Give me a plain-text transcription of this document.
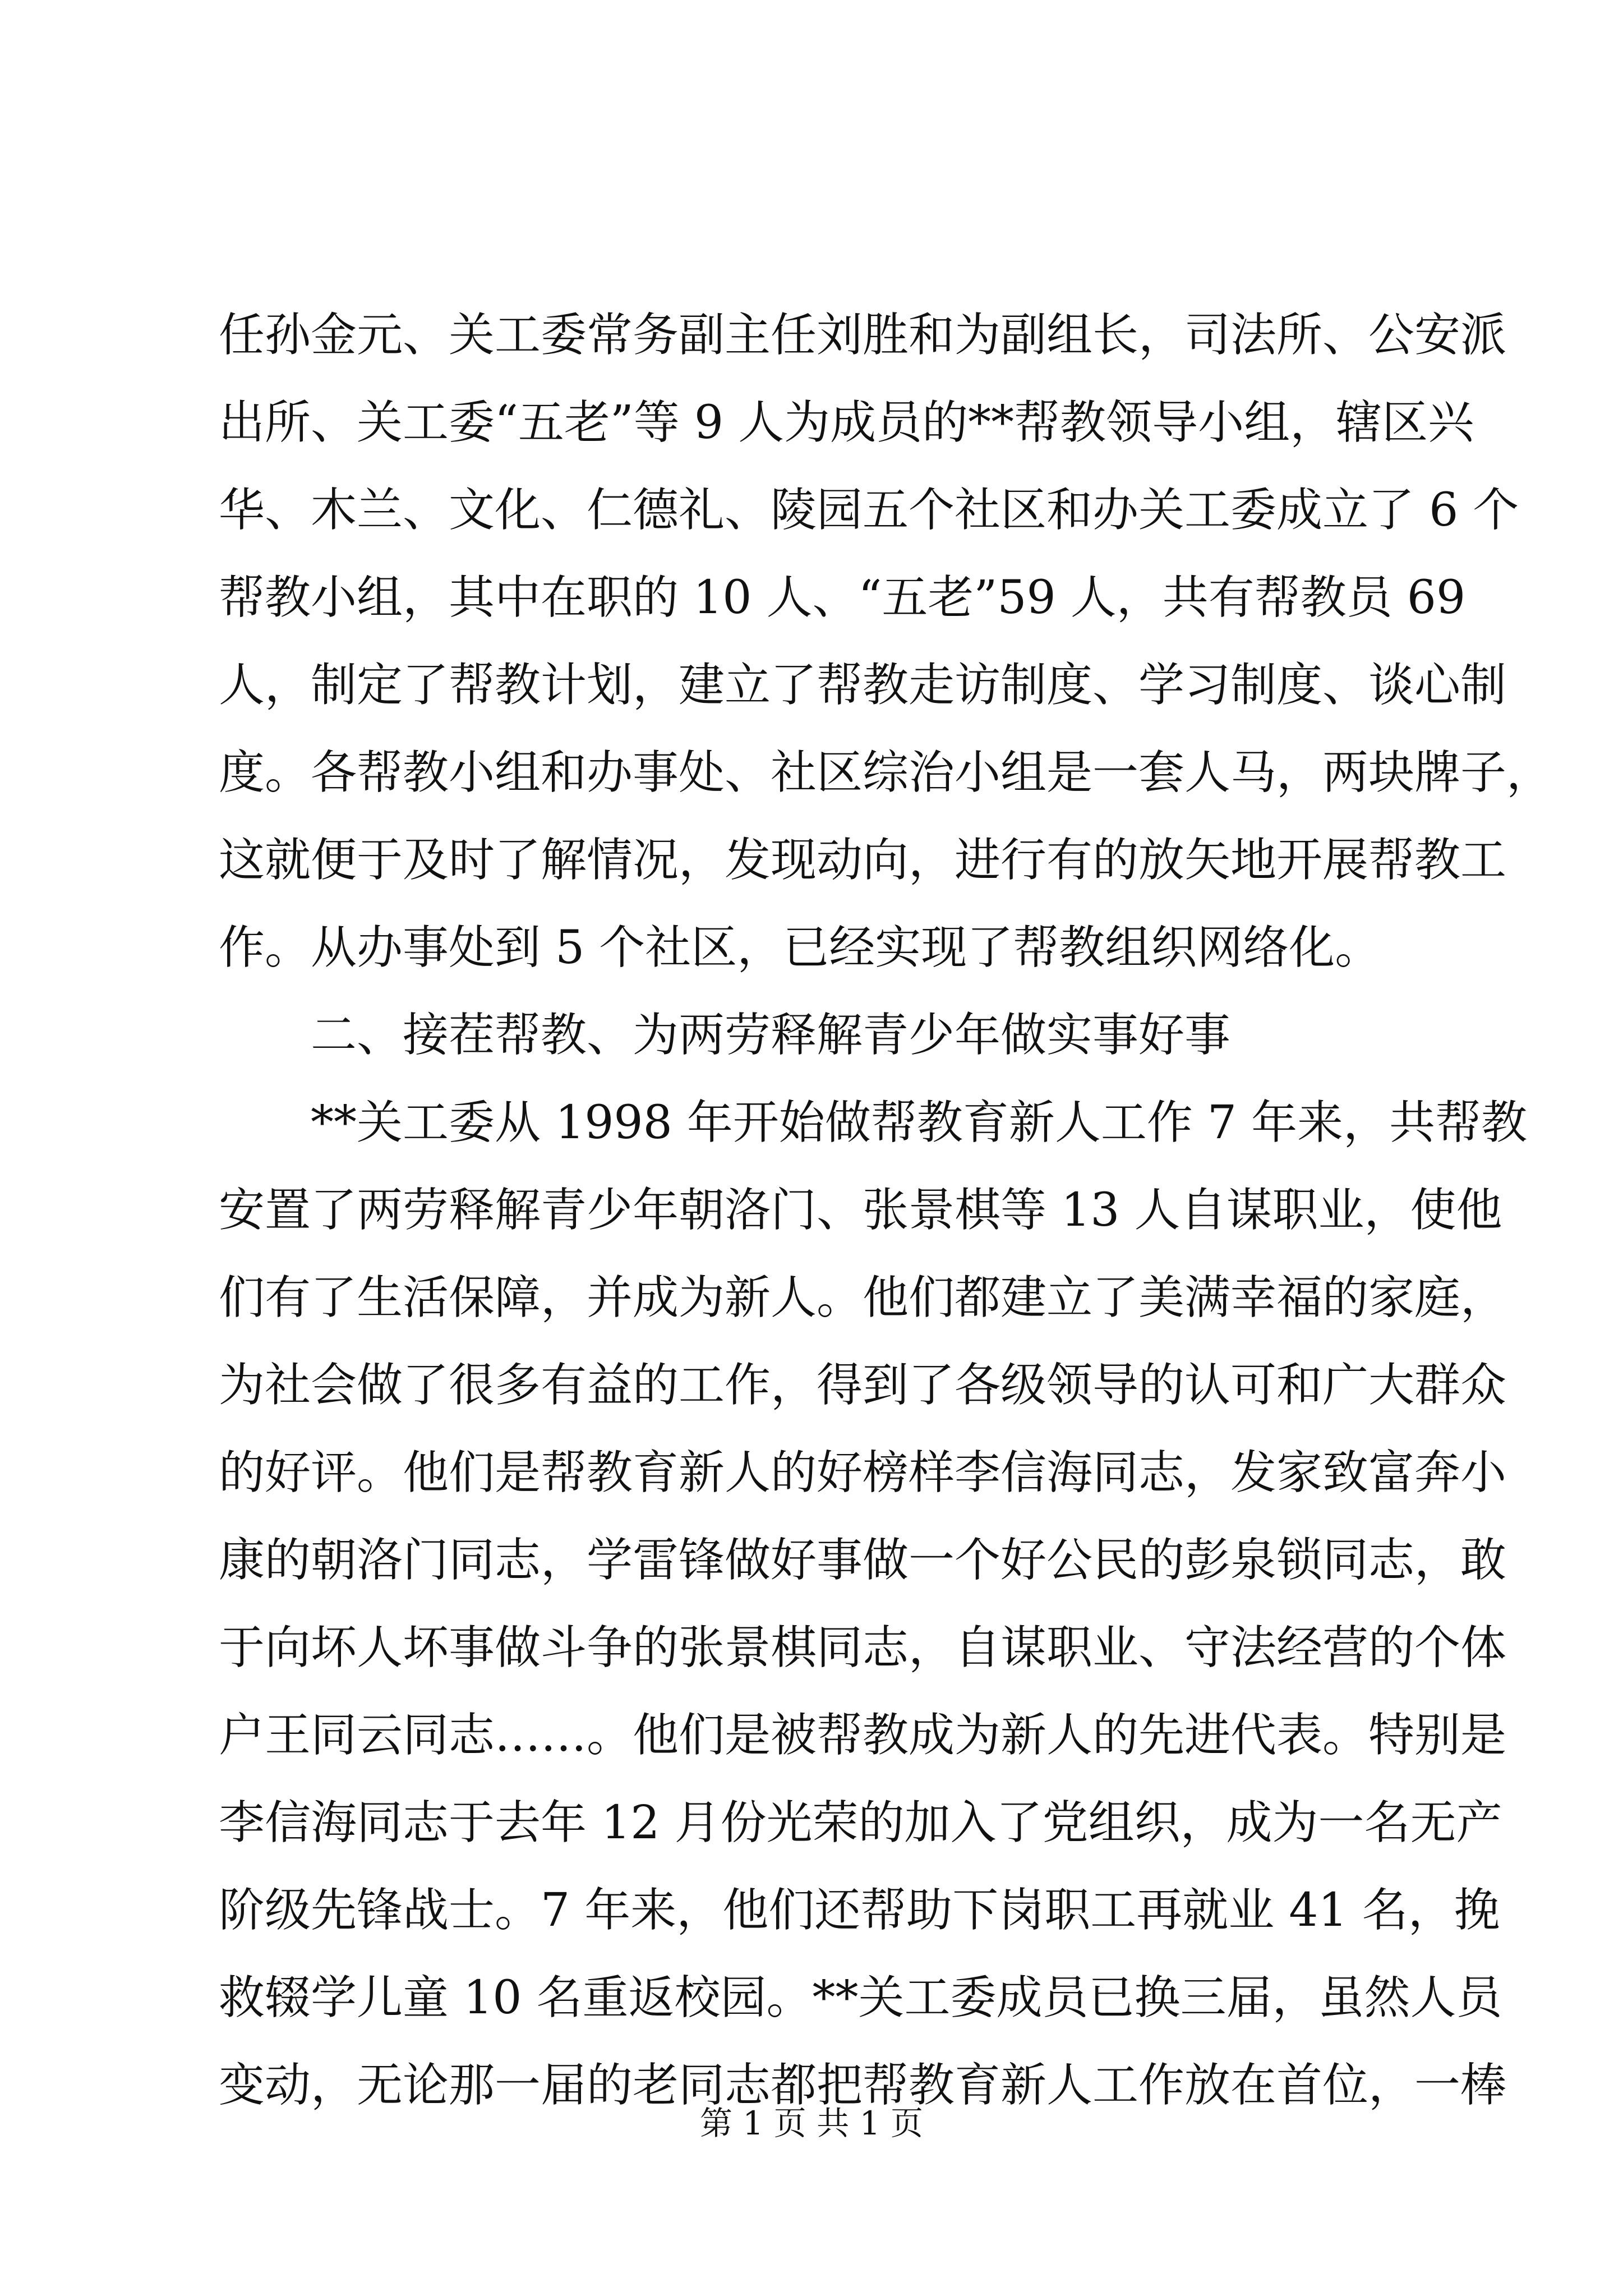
任孙金元、关工委常务副主任刘胜和为副组长，司法所、公安派
出所、关工委“五老”等 9 人为成员的**帮教领导小组，辖区兴
华、木兰、文化、仁德礼、陵园五个社区和办关工委成立了 6 个
帮教小组，其中在职的 10 人、“五老”59 人，共有帮教员 69
人，制定了帮教计划，建立了帮教走访制度、学习制度、谈心制
度。各帮教小组和办事处、社区综治小组是一套人马，两块牌子，
这就便于及时了解情况，发现动向，进行有的放矢地开展帮教工
作。从办事处到 5 个社区，已经实现了帮教组织网络化。
二、接茬帮教、为两劳释解青少年做实事好事
**关工委从 1998 年开始做帮教育新人工作 7 年来，共帮教
安置了两劳释解青少年朝洛门、张景棋等 13 人自谋职业，使他
们有了生活保障，并成为新人。他们都建立了美满幸福的家庭，
为社会做了很多有益的工作，得到了各级领导的认可和广大群众
的好评。他们是帮教育新人的好榜样李信海同志，发家致富奔小
康的朝洛门同志，学雷锋做好事做一个好公民的彭泉锁同志，敢
于向坏人坏事做斗争的张景棋同志，自谋职业、守法经营的个体
户王同云同志……。他们是被帮教成为新人的先进代表。特别是
李信海同志于去年 12 月份光荣的加入了党组织，成为一名无产
阶级先锋战士。7 年来，他们还帮助下岗职工再就业 41 名，挽
救辍学儿童 10 名重返校园。**关工委成员已换三届，虽然人员
变动，无论那一届的老同志都把帮教育新人工作放在首位，一棒
第 1 页 共 1 页
